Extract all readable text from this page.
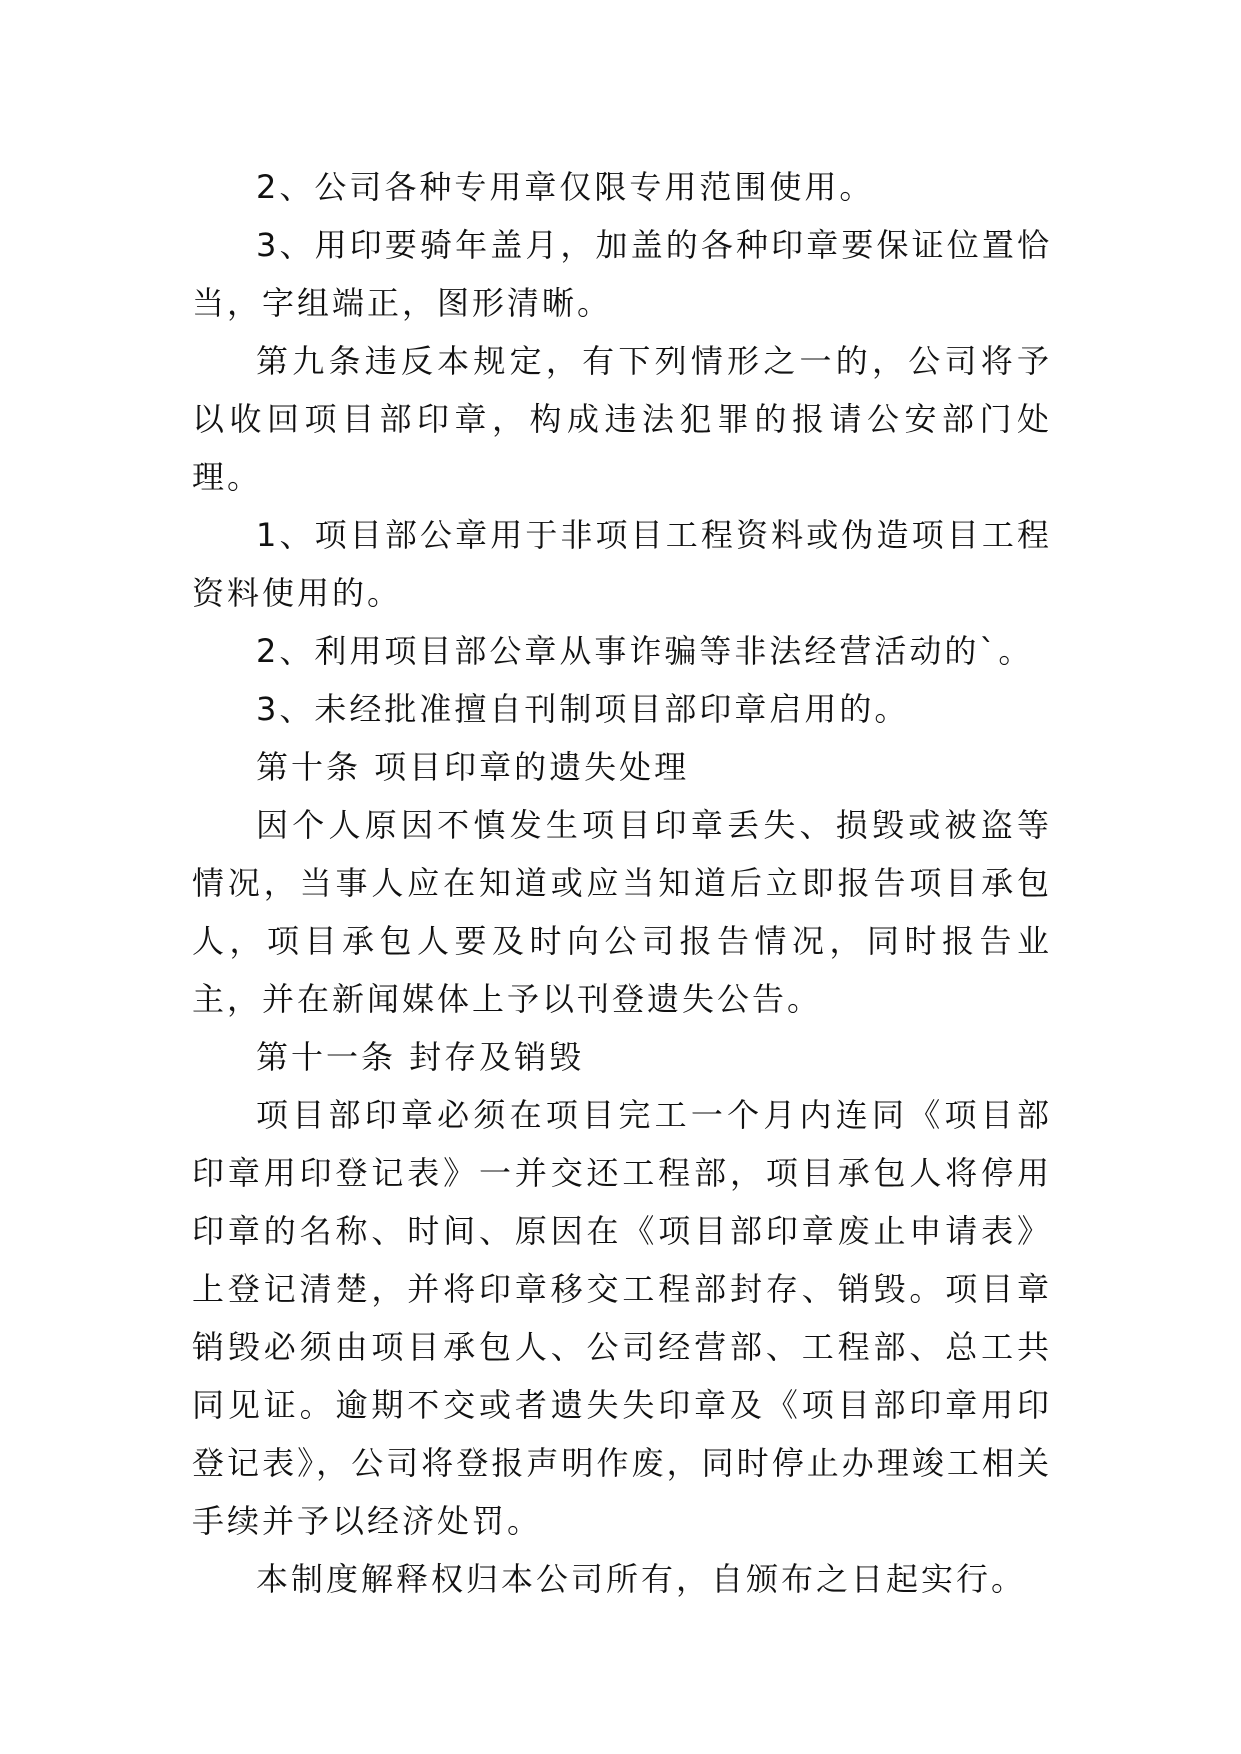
2、公司各种专用章仅限专用范围使用。

3、用印要骑年盖月，加盖的各种印章要保证位置恰当，字组端正，图形清晰。

第九条违反本规定，有下列情形之一的，公司将予以收回项目部印章，构成违法犯罪的报请公安部门处理。

1、项目部公章用于非项目工程资料或伪造项目工程资料使用的。

2、利用项目部公章从事诈骗等非法经营活动的`。

3、未经批准擅自刊制项目部印章启用的。

第十条 项目印章的遗失处理

因个人原因不慎发生项目印章丢失、损毁或被盗等情况，当事人应在知道或应当知道后立即报告项目承包人，项目承包人要及时向公司报告情况，同时报告业主，并在新闻媒体上予以刊登遗失公告。

第十一条 封存及销毁

项目部印章必须在项目完工一个月内连同《项目部印章用印登记表》一并交还工程部，项目承包人将停用印章的名称、时间、原因在《项目部印章废止申请表》上登记清楚，并将印章移交工程部封存、销毁。项目章销毁必须由项目承包人、公司经营部、工程部、总工共同见证。逾期不交或者遗失失印章及《项目部印章用印登记表》，公司将登报声明作废，同时停止办理竣工相关手续并予以经济处罚。

本制度解释权归本公司所有，自颁布之日起实行。
